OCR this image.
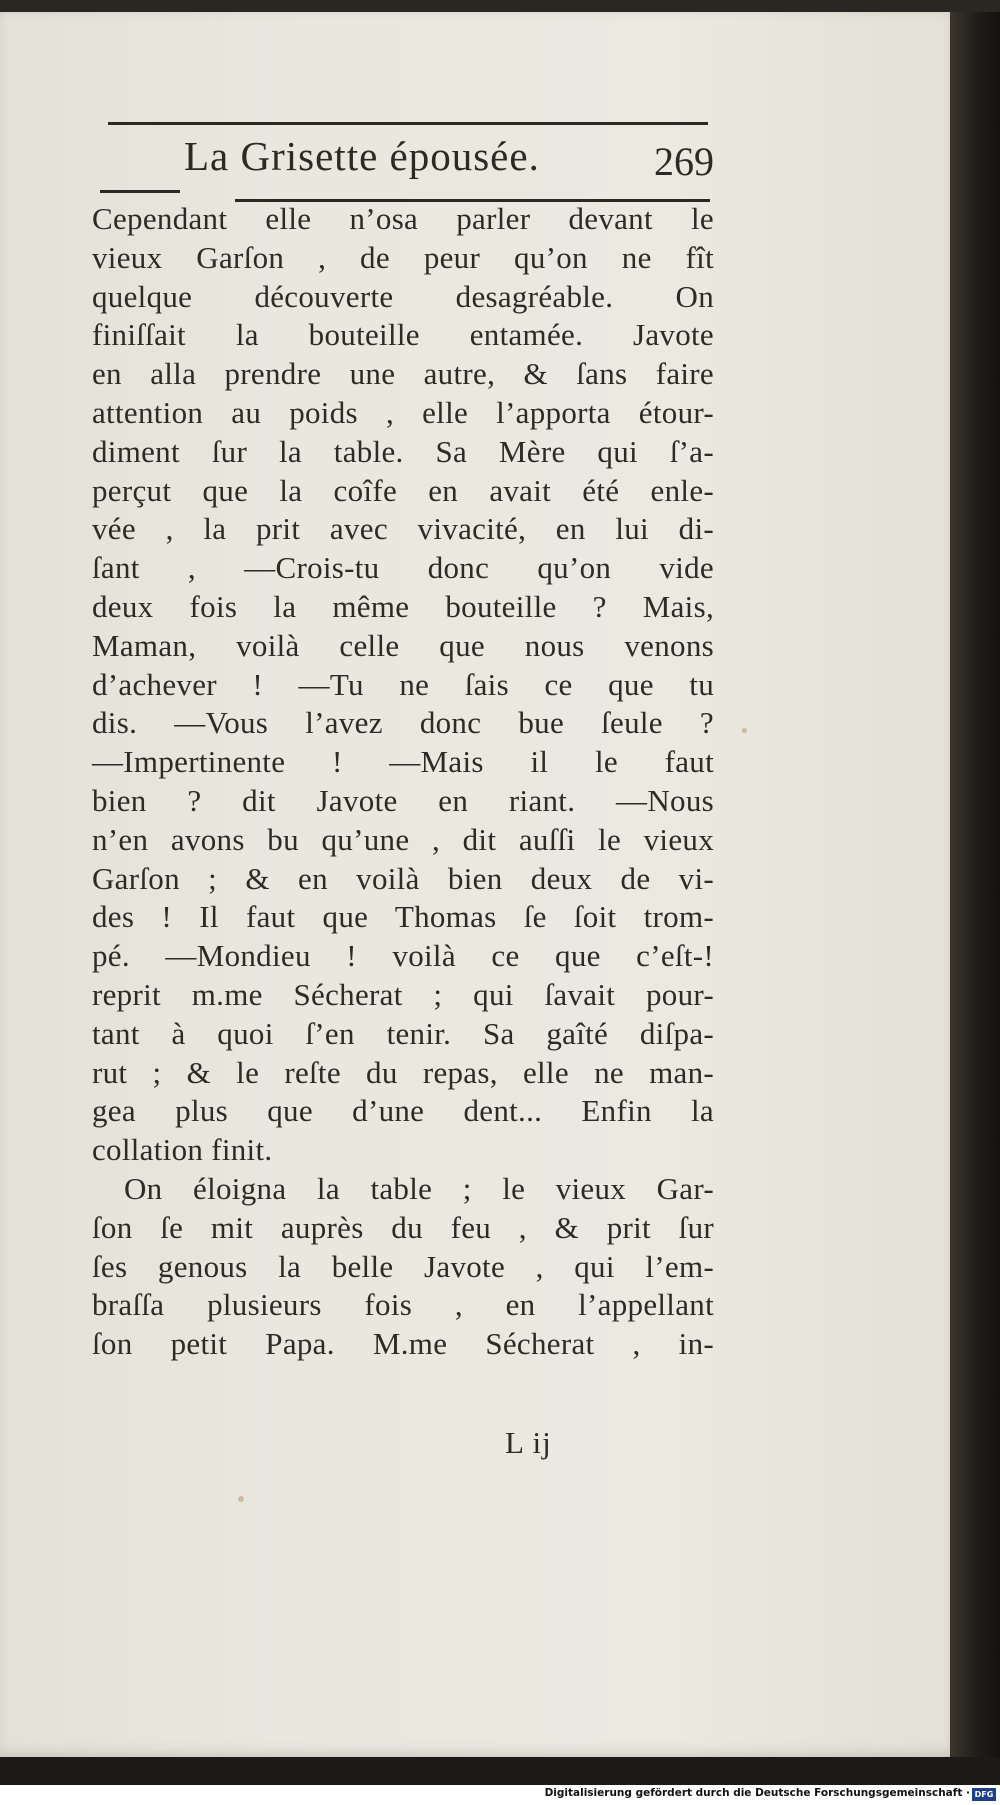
La Grisette épousée.	269
Cependant elle n’osa parler devant le
vieux Garſon , de peur qu’on ne fît
quelque découverte desagréable. On
finiſſait la bouteille entamée. Javote
en alla prendre une autre, & ſans faire
attention au poids , elle l’apporta étour-
diment ſur la table. Sa Mère qui ſ’a-
perçut que la coîfe en avait été enle-
vée , la prit avec vivacité, en lui di-
ſant , —Crois-tu donc qu’on vide
deux fois la même bouteille ? Mais,
Maman, voilà celle que nous venons
d’achever ! —Tu ne ſais ce que tu
dis. —Vous l’avez donc bue ſeule ?
—Impertinente ! —Mais il le faut
bien ? dit Javote en riant. —Nous
n’en avons bu qu’une , dit auſſi le vieux
Garſon ; & en voilà bien deux de vi-
des ! Il faut que Thomas ſe ſoit trom-
pé. —Mondieu ! voilà ce que c’eſt-!
reprit m.me Sécherat ; qui ſavait pour-
tant à quoi ſ’en tenir. Sa gaîté diſpa-
rut ; & le reſte du repas, elle ne man-
gea plus que d’une dent... Enfin la
collation finit.
On éloigna la table ; le vieux Gar-
ſon ſe mit auprès du feu , & prit ſur
ſes genous la belle Javote , qui l’em-
braſſa plusieurs fois , en l’appellant
ſon petit Papa. M.me Sécherat , in-
L ij
Digitalisierung gefördert durch die Deutsche Forschungsgemeinschaft · DFG
